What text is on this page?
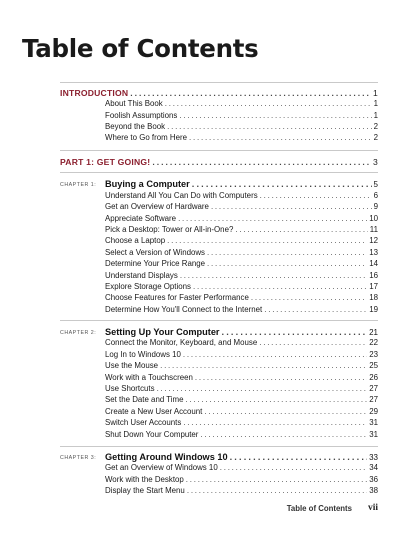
Table of Contents
INTRODUCTION . . .	1
About This Book . . .	1
Foolish Assumptions . . .	1
Beyond the Book . . .	2
Where to Go from Here . . .	2
PART 1: GET GOING! . . .	3
CHAPTER 1: Buying a Computer . . .	5
Understand All You Can Do with Computers . . .	6
Get an Overview of Hardware . . .	9
Appreciate Software . . .	10
Pick a Desktop: Tower or All-in-One? . . .	11
Choose a Laptop . . .	12
Select a Version of Windows . . .	13
Determine Your Price Range . . .	14
Understand Displays . . .	16
Explore Storage Options . . .	17
Choose Features for Faster Performance . . .	18
Determine How You'll Connect to the Internet . . .	19
CHAPTER 2: Setting Up Your Computer . . .	21
Connect the Monitor, Keyboard, and Mouse . . .	22
Log In to Windows 10 . . .	23
Use the Mouse . . .	25
Work with a Touchscreen . . .	26
Use Shortcuts . . .	27
Set the Date and Time . . .	27
Create a New User Account . . .	29
Switch User Accounts . . .	31
Shut Down Your Computer . . .	31
CHAPTER 3: Getting Around Windows 10 . . .	33
Get an Overview of Windows 10 . . .	34
Work with the Desktop . . .	36
Display the Start Menu . . .	38
Table of Contents vii
